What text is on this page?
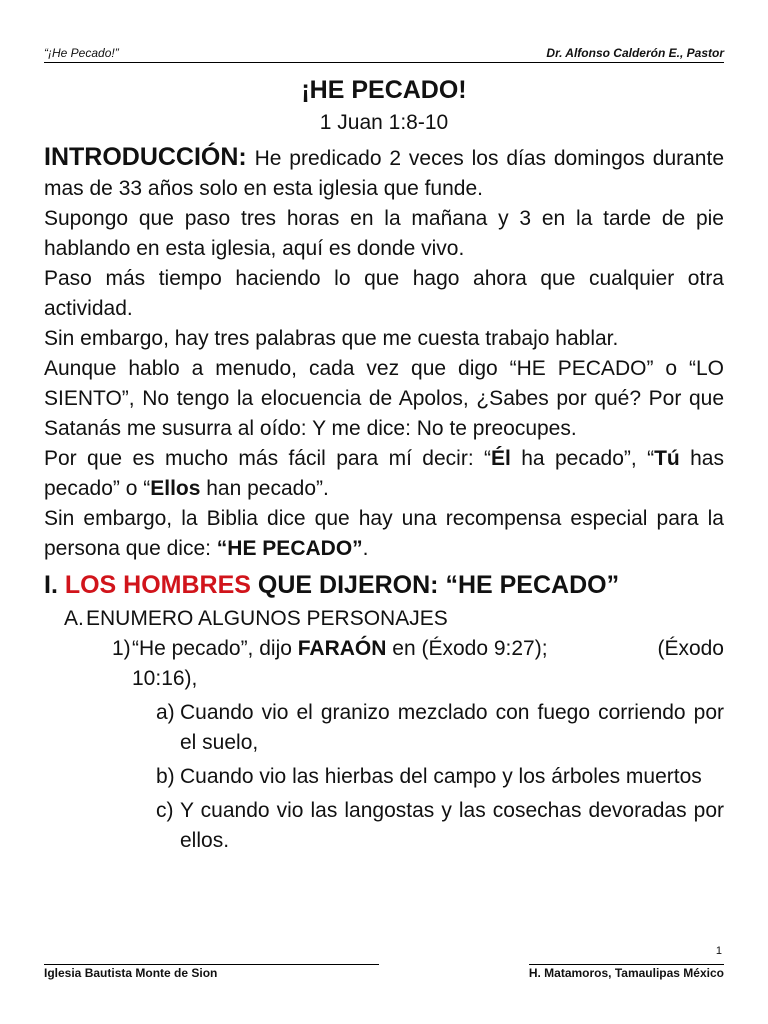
“¡He Pecado!”	Dr. Alfonso Calderón E., Pastor
¡HE PECADO!
1 Juan 1:8-10

INTRODUCCIÓN: He predicado 2 veces los días domingos durante mas de 33 años solo en esta iglesia que funde.

Supongo que paso tres horas en la mañana y 3 en la tarde de pie hablando en esta iglesia, aquí es donde vivo.

Paso más tiempo haciendo lo que hago ahora que cualquier otra actividad.

Sin embargo, hay tres palabras que me cuesta trabajo hablar.

Aunque hablo a menudo, cada vez que digo “HE PECADO” o “LO SIENTO”, No tengo la elocuencia de Apolos, ¿Sabes por qué? Por que Satanás me susurra al oído: Y me dice: No te preocupes.

Por que es mucho más fácil para mí decir: “Él ha pecado”, “Tú has pecado” o “Ellos han pecado”.

Sin embargo, la Biblia dice que hay una recompensa especial para la persona que dice: “HE PECADO”.

I. LOS HOMBRES QUE DIJERON: “HE PECADO”
A. ENUMERO ALGUNOS PERSONAJES
1) “He pecado”, dijo FARAÓN en (Éxodo 9:27);	(Éxodo
10:16),
a) Cuando vio el granizo mezclado con fuego corriendo por el suelo,
b) Cuando vio las hierbas del campo y los árboles muertos
c) Y cuando vio las langostas y las cosechas devoradas por ellos.
1
Iglesia Bautista Monte de Sion	H. Matamoros, Tamaulipas México
